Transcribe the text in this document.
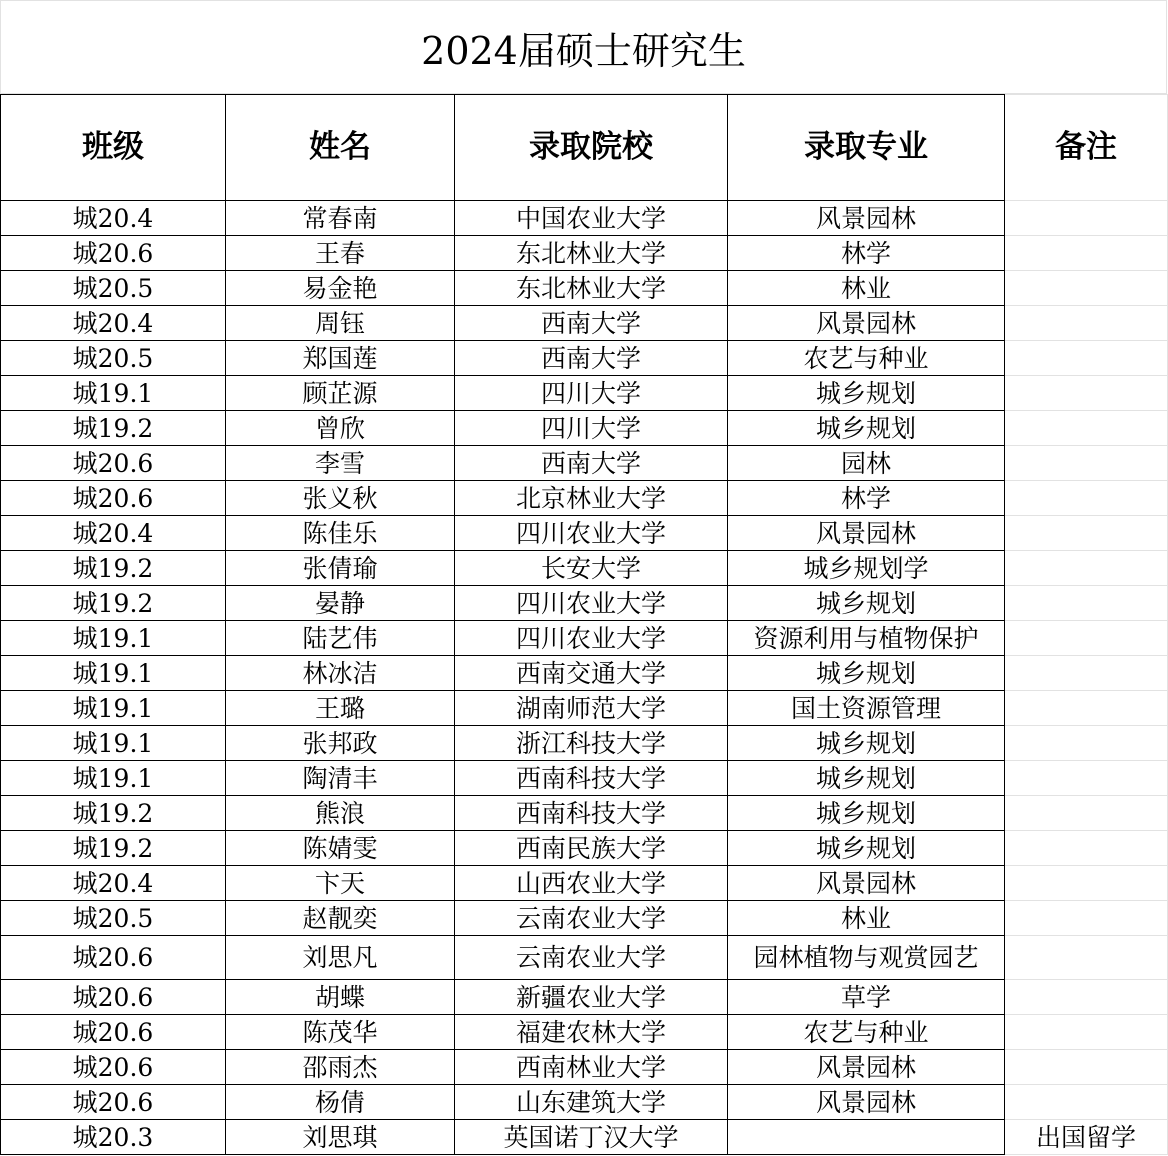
2024届硕士研究生
班级	姓名	录取院校	录取专业	备注
城20.4	常春南	中国农业大学	风景园林	
城20.6	王春	东北林业大学	林学	
城20.5	易金艳	东北林业大学	林业	
城20.4	周钰	西南大学	风景园林	
城20.5	郑国莲	西南大学	农艺与种业	
城19.1	顾芷源	四川大学	城乡规划	
城19.2	曾欣	四川大学	城乡规划	
城20.6	李雪	西南大学	园林	
城20.6	张义秋	北京林业大学	林学	
城20.4	陈佳乐	四川农业大学	风景园林	
城19.2	张倩瑜	长安大学	城乡规划学	
城19.2	晏静	四川农业大学	城乡规划	
城19.1	陆艺伟	四川农业大学	资源利用与植物保护	
城19.1	林冰洁	西南交通大学	城乡规划	
城19.1	王璐	湖南师范大学	国土资源管理	
城19.1	张邦政	浙江科技大学	城乡规划	
城19.1	陶清丰	西南科技大学	城乡规划	
城19.2	熊浪	西南科技大学	城乡规划	
城19.2	陈婧雯	西南民族大学	城乡规划	
城20.4	卞天	山西农业大学	风景园林	
城20.5	赵靓奕	云南农业大学	林业	
城20.6	刘思凡	云南农业大学	园林植物与观赏园艺	
城20.6	胡蝶	新疆农业大学	草学	
城20.6	陈茂华	福建农林大学	农艺与种业	
城20.6	邵雨杰	西南林业大学	风景园林	
城20.6	杨倩	山东建筑大学	风景园林	
城20.3	刘思琪	英国诺丁汉大学		出国留学
